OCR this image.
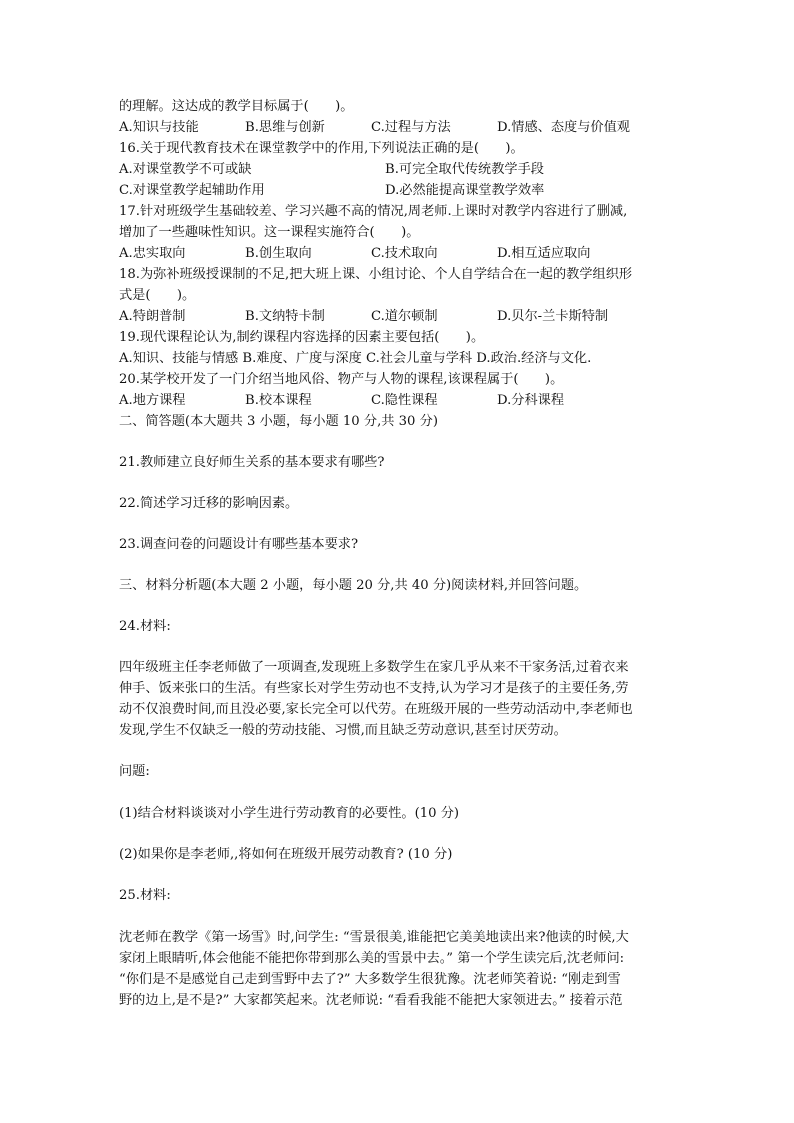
的理解。这达成的教学目标属于(　　)。
A.知识与技能	B.思维与创新	C.过程与方法	D.情感、态度与价值观
16.关于现代教育技术在课堂教学中的作用,下列说法正确的是(　　)。
A.对课堂教学不可或缺	B.可完全取代传统教学手段
C.对课堂教学起辅助作用	D.必然能提高课堂教学效率
17.针对班级学生基础较差、学习兴趣不高的情况,周老师.上课时对教学内容进行了删减,
增加了一些趣味性知识。这一课程实施符合(　　)。
A.忠实取向	B.创生取向	C.技术取向	D.相互适应取向
18.为弥补班级授课制的不足,把大班上课、小组讨论、个人自学结合在一起的教学组织形
式是(　　)。
A.特朗普制	B.文纳特卡制	C.道尔顿制	D.贝尔-兰卡斯特制
19.现代课程论认为,制约课程内容选择的因素主要包括(　　)。
A.知识、技能与情感 B.难度、广度与深度 C.社会儿童与学科 D.政治.经济与文化.
20.某学校开发了一门介绍当地风俗、物产与人物的课程,该课程属于(　　)。
A.地方课程	B.校本课程	C.隐性课程	D.分科课程
二、简答题(本大题共 3 小题，每小题 10 分,共 30 分)
21.教师建立良好师生关系的基本要求有哪些?
22.简述学习迁移的影响因素。
23.调查问卷的问题设计有哪些基本要求?
三、材料分析题(本大题 2 小题，每小题 20 分,共 40 分)阅读材料,并回答问题。
24.材料:
四年级班主任李老师做了一项调查,发现班上多数学生在家几乎从来不干家务活,过着衣来
伸手、饭来张口的生活。有些家长对学生劳动也不支持,认为学习才是孩子的主要任务,劳
动不仅浪费时间,而且没必要,家长完全可以代劳。在班级开展的一些劳动活动中,李老师也
发现,学生不仅缺乏一般的劳动技能、习惯,而且缺乏劳动意识,甚至讨厌劳动。
问题:
(1)结合材料谈谈对小学生进行劳动教育的必要性。(10 分)
(2)如果你是李老师,,将如何在班级开展劳动教育? (10 分)
25.材料:
沈老师在教学《第一场雪》时,问学生: “雪景很美,谁能把它美美地读出来?他读的时候,大
家闭上眼睛听,体会他能不能把你带到那么美的雪景中去。” 第一个学生读完后,沈老师问:
“你们是不是感觉自己走到雪野中去了?” 大多数学生很犹豫。沈老师笑着说: “刚走到雪
野的边上,是不是?” 大家都笑起来。沈老师说: “看看我能不能把大家领进去。” 接着示范
